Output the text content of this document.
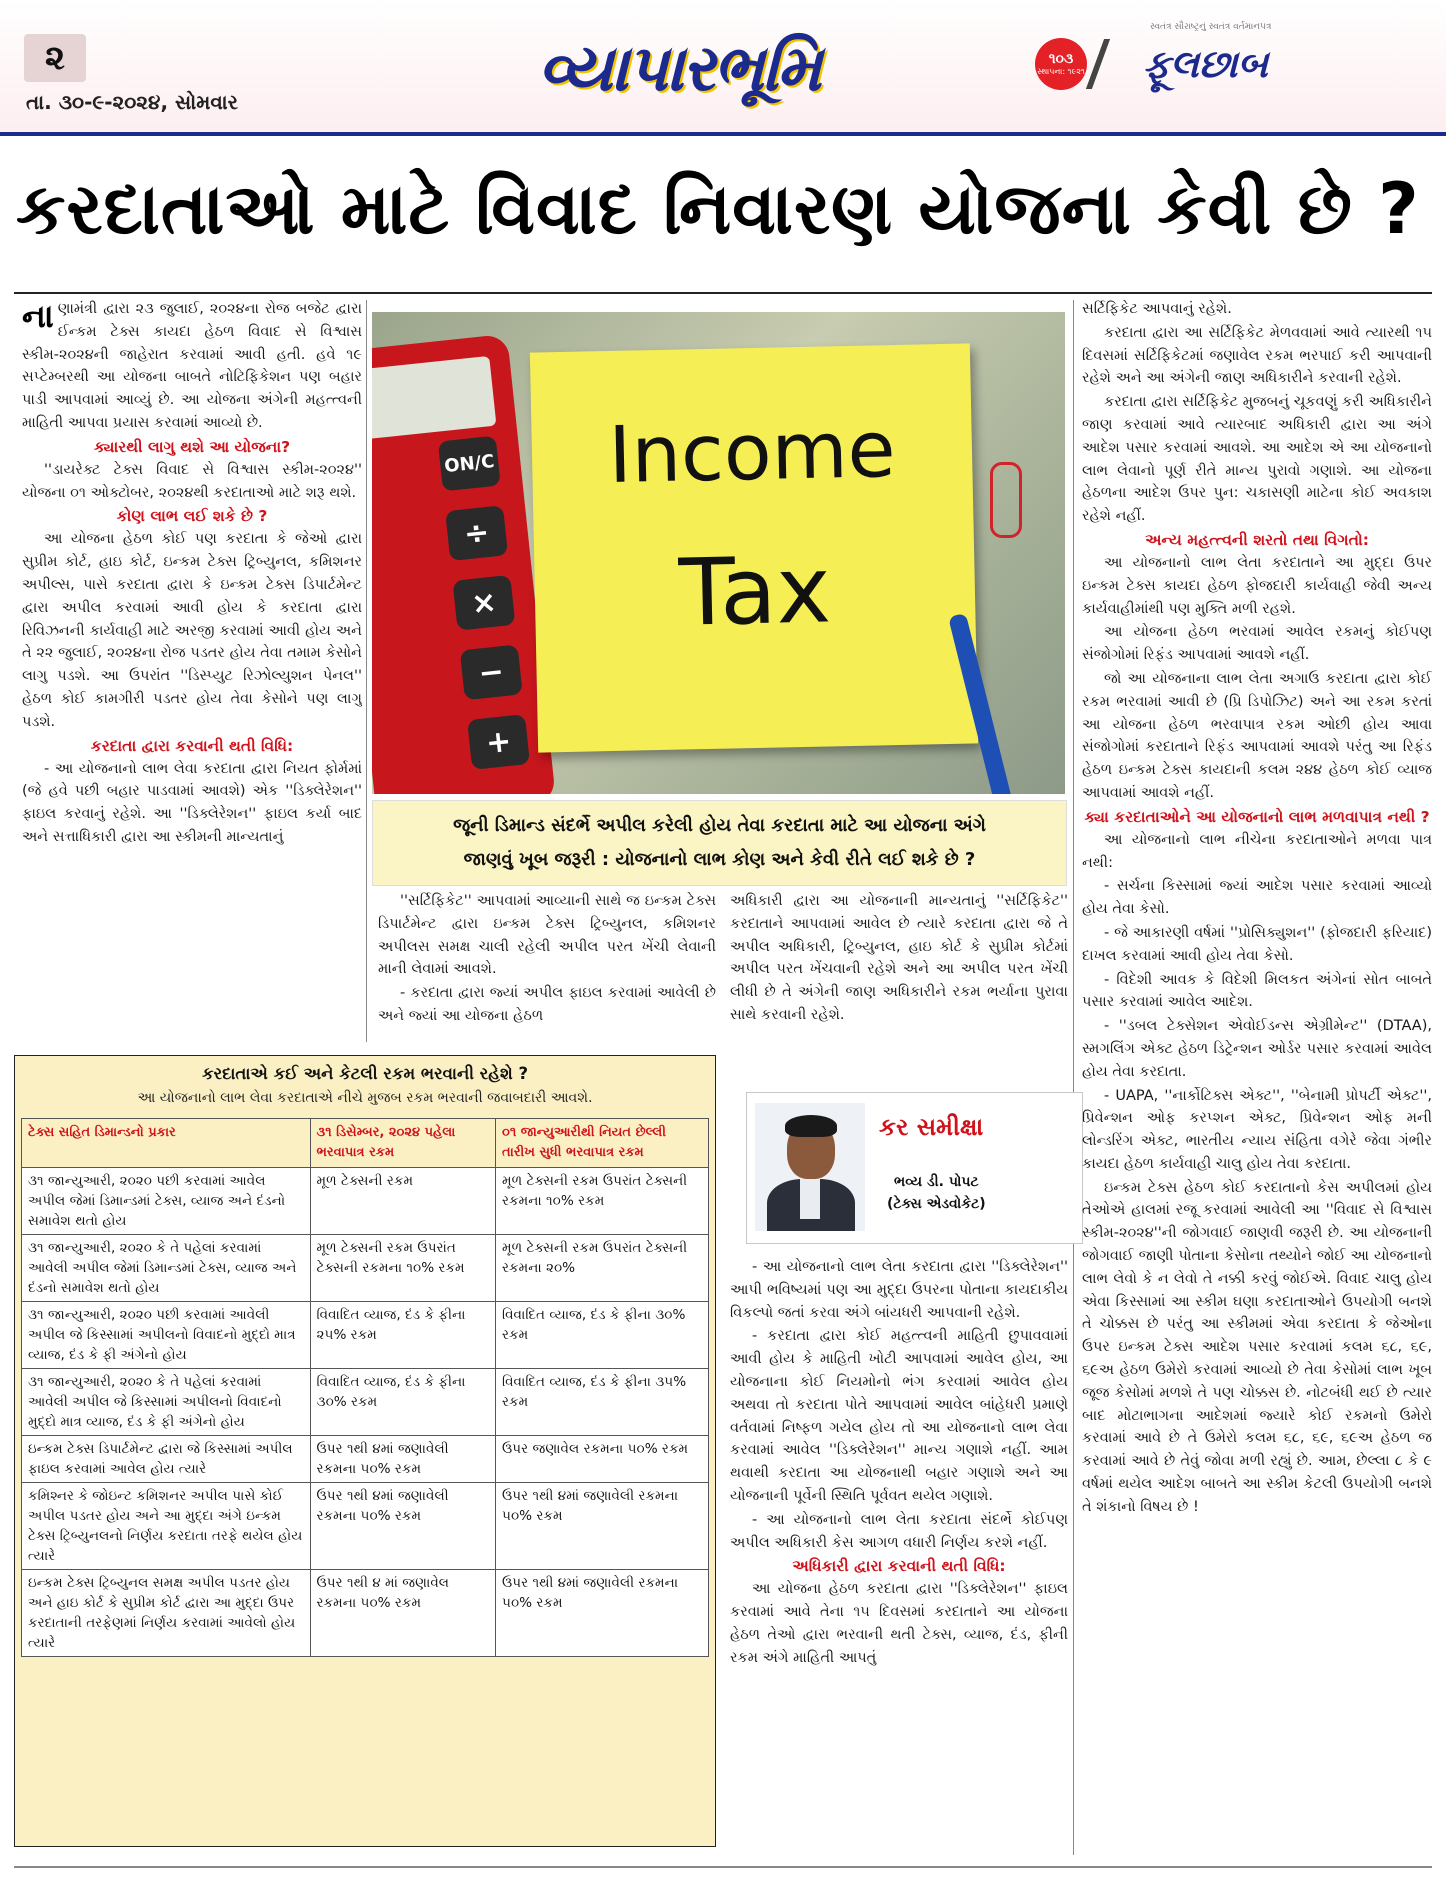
૨
તા. ૩૦-૯-૨૦૨૪, સોમવાર	વ્યાપારભૂમિ
સ્વતંત્ર સૌરાષ્ટ્રનું સ્વતંત્ર વર્તમાનપત્ર
૧૦૩
સ્થાપના: ૧૯૨૧ ફૂલછાબ
કરદાતાઓ માટે વિવાદ નિવારણ યોજના કેવી છે ?

નાણામંત્રી દ્વારા ૨૩ જુલાઈ, ૨૦૨૪ના રોજ બજેટ દ્વારા ઈન્કમ ટેક્સ કાયદા હેઠળ વિવાદ સે વિશ્વાસ સ્કીમ-૨૦૨૪ની જાહેરાત કરવામાં આવી હતી. હવે ૧૯ સપ્ટેમ્બરથી આ યોજના બાબતે નોટિફિકેશન પણ બહાર પાડી આપવામાં આવ્યું છે. આ યોજના અંગેની મહત્ત્વની માહિતી આપવા પ્રયાસ કરવામાં આવ્યો છે.

ક્યારથી લાગુ થશે આ યોજના?

''ડાયરેક્ટ ટેક્સ વિવાદ સે વિશ્વાસ સ્કીમ-૨૦૨૪'' યોજના ૦૧ ઓક્ટોબર, ૨૦૨૪થી કરદાતાઓ માટે શરૂ થશે.

કોણ લાભ લઈ શકે છે ?

આ યોજના હેઠળ કોઈ પણ કરદાતા કે જેઓ દ્વારા સુપ્રીમ કોર્ટ, હાઇ કોર્ટ, ઇન્કમ ટેક્સ ટ્રિબ્યુનલ, કમિશનર અપીલ્સ, પાસે કરદાતા દ્વારા કે ઇન્કમ ટેક્સ ડિપાર્ટમેન્ટ દ્વારા અપીલ કરવામાં આવી હોય કે કરદાતા દ્વારા રિવિઝનની કાર્યવાહી માટે અરજી કરવામાં આવી હોય અને તે ૨૨ જુલાઈ, ૨૦૨૪ના રોજ પડતર હોય તેવા તમામ કેસોને લાગુ પડશે. આ ઉપરાંત ''ડિસ્પ્યુટ રિઝોલ્યુશન પેનલ'' હેઠળ કોઈ કામગીરી પડતર હોય તેવા કેસોને પણ લાગુ પડશે.

કરદાતા દ્વારા કરવાની થતી વિધિ:

- આ યોજનાનો લાભ લેવા કરદાતા દ્વારા નિયત ફોર્મમાં (જે હવે પછી બહાર પાડવામાં આવશે) એક ''ડિક્લેરેશન'' ફાઇલ કરવાનું રહેશે. આ ''ડિક્લેરેશન'' ફાઇલ કર્યા બાદ અને સત્તાધિકારી દ્વારા આ સ્કીમની માન્યતાનું

ON/C
÷
×
−
+
Income
Tax
જૂની ડિમાન્ડ સંદર્ભે અપીલ કરેલી હોય તેવા કરદાતા માટે આ યોજના અંગે
જાણવું ખૂબ જરૂરી : યોજનાનો લાભ કોણ અને કેવી રીતે લઈ શકે છે ?

''સર્ટિફિકેટ'' આપવામાં આવ્યાની સાથે જ ઇન્કમ ટેક્સ ડિપાર્ટમેન્ટ દ્વારા ઇન્કમ ટેક્સ ટ્રિબ્યુનલ, કમિશનર અપીલસ સમક્ષ ચાલી રહેલી અપીલ પરત ખેંચી લેવાની માની લેવામાં આવશે.

- કરદાતા દ્વારા જ્યાં અપીલ ફાઇલ કરવામાં આવેલી છે અને જ્યાં આ યોજના હેઠળ

અધિકારી દ્વારા આ યોજનાની માન્યતાનું ''સર્ટિફિકેટ'' કરદાતાને આપવામાં આવેલ છે ત્યારે કરદાતા દ્વારા જે તે અપીલ અધિકારી, ટ્રિબ્યુનલ, હાઇ કોર્ટ કે સુપ્રીમ કોર્ટમાં અપીલ પરત ખેંચવાની રહેશે અને આ અપીલ પરત ખેંચી લીધી છે તે અંગેની જાણ અધિકારીને રકમ ભર્યાના પુરાવા સાથે કરવાની રહેશે.

કર સમીક્ષા
ભવ્ય ડી. પોપટ
(ટેક્સ એડવોકેટ)

- આ યોજનાનો લાભ લેતા કરદાતા દ્વારા ''ડિક્લેરેશન'' આપી ભવિષ્યમાં પણ આ મુદ્દા ઉપરના પોતાના કાયદાકીય વિકલ્પો જતાં કરવા અંગે બાંયધરી આપવાની રહેશે.

- કરદાતા દ્વારા કોઈ મહત્ત્વની માહિતી છુપાવવામાં આવી હોય કે માહિતી ખોટી આપવામાં આવેલ હોય, આ યોજનાના કોઈ નિયમોનો ભંગ કરવામાં આવેલ હોય અથવા તો કરદાતા પોતે આપવામાં આવેલ બાંહેધરી પ્રમાણે વર્તવામાં નિષ્ફળ ગયેલ હોય તો આ યોજનાનો લાભ લેવા કરવામાં આવેલ ''ડિક્લેરેશન'' માન્ય ગણાશે નહીં. આમ થવાથી કરદાતા આ યોજનાથી બહાર ગણાશે અને આ યોજનાની પૂર્વેની સ્થિતિ પૂર્વવત થયેલ ગણાશે.

- આ યોજનાનો લાભ લેતા કરદાતા સંદર્ભે કોઈપણ અપીલ અધિકારી કેસ આગળ વધારી નિર્ણય કરશે નહીં.

અધિકારી દ્વારા કરવાની થતી વિધિ:

આ યોજના હેઠળ કરદાતા દ્વારા ''ડિક્લેરેશન'' ફાઇલ કરવામાં આવે તેના ૧૫ દિવસમાં કરદાતાને આ યોજના હેઠળ તેઓ દ્વારા ભરવાની થતી ટેક્સ, વ્યાજ, દંડ, ફીની રકમ અંગે માહિતી આપતું

સર્ટિફિકેટ આપવાનું રહેશે.

કરદાતા દ્વારા આ સર્ટિફિકેટ મેળવવામાં આવે ત્યારથી ૧૫ દિવસમાં સર્ટિફિકેટમાં જણાવેલ રકમ ભરપાઈ કરી આપવાની રહેશે અને આ અંગેની જાણ અધિકારીને કરવાની રહેશે.

કરદાતા દ્વારા સર્ટિફિકેટ મુજબનું ચૂકવણું કરી અધિકારીને જાણ કરવામાં આવે ત્યારબાદ અધિકારી દ્વારા આ અંગે આદેશ પસાર કરવામાં આવશે. આ આદેશ એ આ યોજનાનો લાભ લેવાનો પૂર્ણ રીતે માન્ય પુરાવો ગણાશે. આ યોજના હેઠળના આદેશ ઉપર પુન: ચકાસણી માટેના કોઈ અવકાશ રહેશે નહીં.

અન્ય મહત્ત્વની શરતો તથા વિગતો:

આ યોજનાનો લાભ લેતા કરદાતાને આ મુદ્દા ઉપર ઇન્કમ ટેક્સ કાયદા હેઠળ ફોજદારી કાર્યવાહી જેવી અન્ય કાર્યવાહીમાંથી પણ મુક્તિ મળી રહશે.

આ યોજના હેઠળ ભરવામાં આવેલ રકમનું કોઈપણ સંજોગોમાં રિફંડ આપવામાં આવશે નહીં.

જો આ યોજનાના લાભ લેતા અગાઉ કરદાતા દ્વારા કોઈ રકમ ભરવામાં આવી છે (પ્રિ ડિપોઝિટ) અને આ રકમ કરતાં આ યોજના હેઠળ ભરવાપાત્ર રકમ ઓછી હોય આવા સંજોગોમાં કરદાતાને રિફંડ આપવામાં આવશે પરંતુ આ રિફંડ હેઠળ ઇન્કમ ટેક્સ કાયદાની કલમ ૨૪૪ હેઠળ કોઈ વ્યાજ આપવામાં આવશે નહીં.

ક્યા કરદાતાઓને આ યોજનાનો લાભ મળવાપાત્ર નથી ?

આ યોજનાનો લાભ નીચેના કરદાતાઓને મળવા પાત્ર નથી:

- સર્ચના કિસ્સામાં જ્યાં આદેશ પસાર કરવામાં આવ્યો હોય તેવા કેસો.

- જે આકારણી વર્ષમાં ''પ્રોસિક્યુશન'' (ફોજદારી ફરિયાદ) દાખલ કરવામાં આવી હોય તેવા કેસો.

- વિદેશી આવક કે વિદેશી મિલકત અંગેનાં સોત બાબતે પસાર કરવામાં આવેલ આદેશ.

- ''ડબલ ટેક્સેશન એવોઈડન્સ એગ્રીમેન્ટ'' (DTAA), સ્મગલિંગ એક્ટ હેઠળ ડિટ્રેન્શન ઓર્ડર પસાર કરવામાં આવેલ હોય તેવા કરદાતા.

- UAPA, ''નાર્કોટિક્સ એક્ટ'', ''બેનામી પ્રોપર્ટી એક્ટ'', પ્રિવેન્શન ઓફ કરપ્શન એક્ટ, પ્રિવેન્શન ઓફ મની લોન્ડરિંગ એક્ટ, ભારતીય ન્યાય સંહિતા વગેરે જેવા ગંભીર કાયદા હેઠળ કાર્યવાહી ચાલુ હોય તેવા કરદાતા.

ઇન્કમ ટેક્સ હેઠળ કોઈ કરદાતાનો કેસ અપીલમાં હોય તેઓએ હાલમાં રજૂ કરવામાં આવેલી આ ''વિવાદ સે વિશ્વાસ સ્કીમ-૨૦૨૪''ની જોગવાઈ જાણવી જરૂરી છે. આ યોજનાની જોગવાઈ જાણી પોતાના કેસોના તથ્યોને જોઈ આ યોજનાનો લાભ લેવો કે ન લેવો તે નક્કી કરવું જોઈએ. વિવાદ ચાલુ હોય એવા કિસ્સામાં આ સ્કીમ ઘણા કરદાતાઓને ઉપયોગી બનશે તે ચોક્કસ છે પરંતુ આ સ્કીમમાં એવા કરદાતા કે જેઓના ઉપર ઇન્કમ ટેક્સ આદેશ પસાર કરવામાં કલમ ૬૮, ૬૯, ૬૯અ હેઠળ ઉમેરો કરવામાં આવ્યો છે તેવા કેસોમાં લાભ ખૂબ જૂજ કેસોમાં મળશે તે પણ ચોક્કસ છે. નોટબંધી થઈ છે ત્યાર બાદ મોટાભાગના આદેશમાં જ્યારે કોઈ રકમનો ઉમેરો કરવામાં આવે છે તે ઉમેરો કલમ ૬૮, ૬૯, ૬૯અ હેઠળ જ કરવામાં આવે છે તેવું જોવા મળી રહ્યું છે. આમ, છેલ્લા ૮ કે ૯ વર્ષમાં થયેલ આદેશ બાબતે આ સ્કીમ કેટલી ઉપયોગી બનશે તે શંકાનો વિષય છે !

કરદાતાએ કઈ અને કેટલી રકમ ભરવાની રહેશે ?
આ યોજનાનો લાભ લેવા કરદાતાએ નીચે મુજબ રકમ ભરવાની જવાબદારી આવશે.
ટેક્સ સહિત ડિમાન્ડનો પ્રકાર	૩૧ ડિસેમ્બર, ૨૦૨૪ પહેલા ભરવાપાત્ર રકમ	૦૧ જાન્યુઆરીથી નિયત છેલ્લી તારીખ સુધી ભરવાપાત્ર રકમ
૩૧ જાન્યુઆરી, ૨૦૨૦ પછી કરવામાં આવેલ અપીલ જેમાં ડિમાન્ડમાં ટેક્સ, વ્યાજ અને દંડનો સમાવેશ થતો હોય	મૂળ ટેક્સની રકમ	મૂળ ટેક્સની રકમ ઉપરાંત ટેક્સની રકમના ૧૦% રકમ
૩૧ જાન્યુઆરી, ૨૦૨૦ કે તે પહેલાં કરવામાં આવેલી અપીલ જેમાં ડિમાન્ડમાં ટેક્સ, વ્યાજ અને દંડનો સમાવેશ થતો હોય	મૂળ ટેક્સની રકમ ઉપરાંત ટેક્સની રકમના ૧૦% રકમ	મૂળ ટેક્સની રકમ ઉપરાંત ટેક્સની રકમના ૨૦%
૩૧ જાન્યુઆરી, ૨૦૨૦ પછી કરવામાં આવેલી અપીલ જે કિસ્સામાં અપીલનો વિવાદનો મુદ્દો માત્ર વ્યાજ, દંડ કે ફી અંગેનો હોય	વિવાદિત વ્યાજ, દંડ કે ફીના ૨૫% રકમ	વિવાદિત વ્યાજ, દંડ કે ફીના ૩૦% રકમ
૩૧ જાન્યુઆરી, ૨૦૨૦ કે તે પહેલાં કરવામાં આવેલી અપીલ જે કિસ્સામાં અપીલનો વિવાદનો મુદ્દો માત્ર વ્યાજ, દંડ કે ફી અંગેનો હોય	વિવાદિત વ્યાજ, દંડ કે ફીના ૩૦% રકમ	વિવાદિત વ્યાજ, દંડ કે ફીના ૩૫% રકમ
ઇન્કમ ટેક્સ ડિપાર્ટમેન્ટ દ્વારા જે કિસ્સામાં અપીલ ફાઇલ કરવામાં આવેલ હોય ત્યારે	ઉપર ૧થી ૪માં જણાવેલી રકમના ૫૦% રકમ	ઉપર જણાવેલ રકમના ૫૦% રકમ
કમિશ્નર કે જોઇન્ટ કમિશનર અપીલ પાસે કોઈ અપીલ પડતર હોય અને આ મુદ્દા અંગે ઇન્કમ ટેક્સ ટ્રિબ્યુનલનો નિર્ણય કરદાતા તરફે થયેલ હોય ત્યારે	ઉપર ૧થી ૪માં જણાવેલી રકમના ૫૦% રકમ	ઉપર ૧થી ૪માં જણાવેલી રકમના ૫૦% રકમ
ઇન્કમ ટેક્સ ટ્રિબ્યુનલ સમક્ષ અપીલ પડતર હોય અને હાઇ કોર્ટ કે સુપ્રીમ કોર્ટ દ્વારા આ મુદ્દા ઉપર કરદાતાની તરફેણમાં નિર્ણય કરવામાં આવેલો હોય ત્યારે	ઉપર ૧થી ૪ માં જણાવેલ રકમના ૫૦% રકમ	ઉપર ૧થી ૪માં જણાવેલી રકમના ૫૦% રકમ
